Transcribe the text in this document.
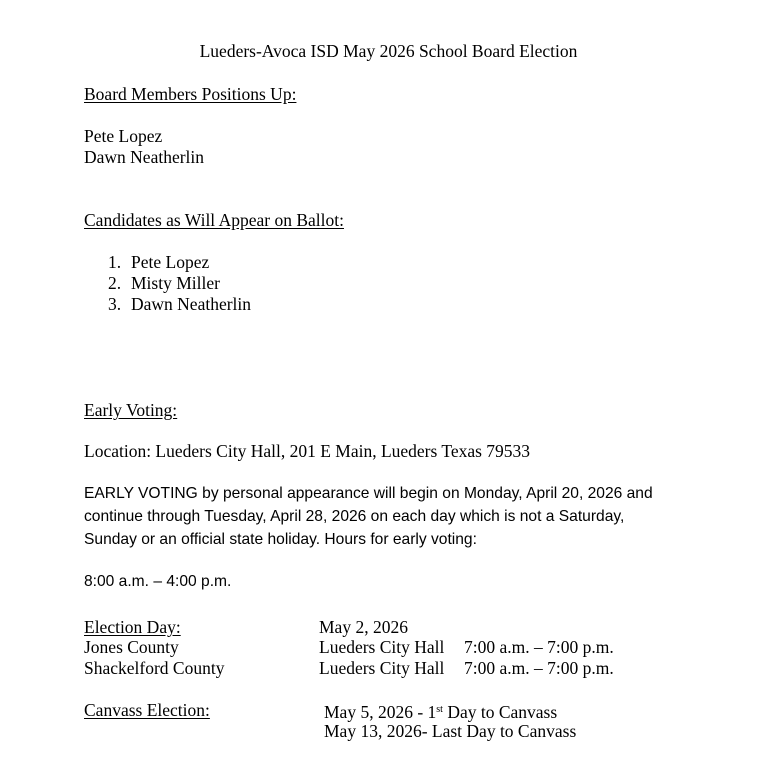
Lueders-Avoca ISD May 2026 School Board Election
Board Members Positions Up:
Pete Lopez
Dawn Neatherlin
Candidates as Will Appear on Ballot:
1. Pete Lopez
2. Misty Miller
3. Dawn Neatherlin
Early Voting:
Location: Lueders City Hall, 201 E Main, Lueders Texas 79533
EARLY VOTING by personal appearance will begin on Monday, April 20, 2026 and
continue through Tuesday, April 28, 2026 on each day which is not a Saturday,
Sunday or an official state holiday. Hours for early voting:
8:00 a.m. – 4:00 p.m.
Election Day:	May 2, 2026
Jones County	Lueders City Hall 7:00 a.m. – 7:00 p.m.
Shackelford County	Lueders City Hall 7:00 a.m. – 7:00 p.m.
Canvass Election:	May 5, 2026 - 1st Day to Canvass
May 13, 2026- Last Day to Canvass
